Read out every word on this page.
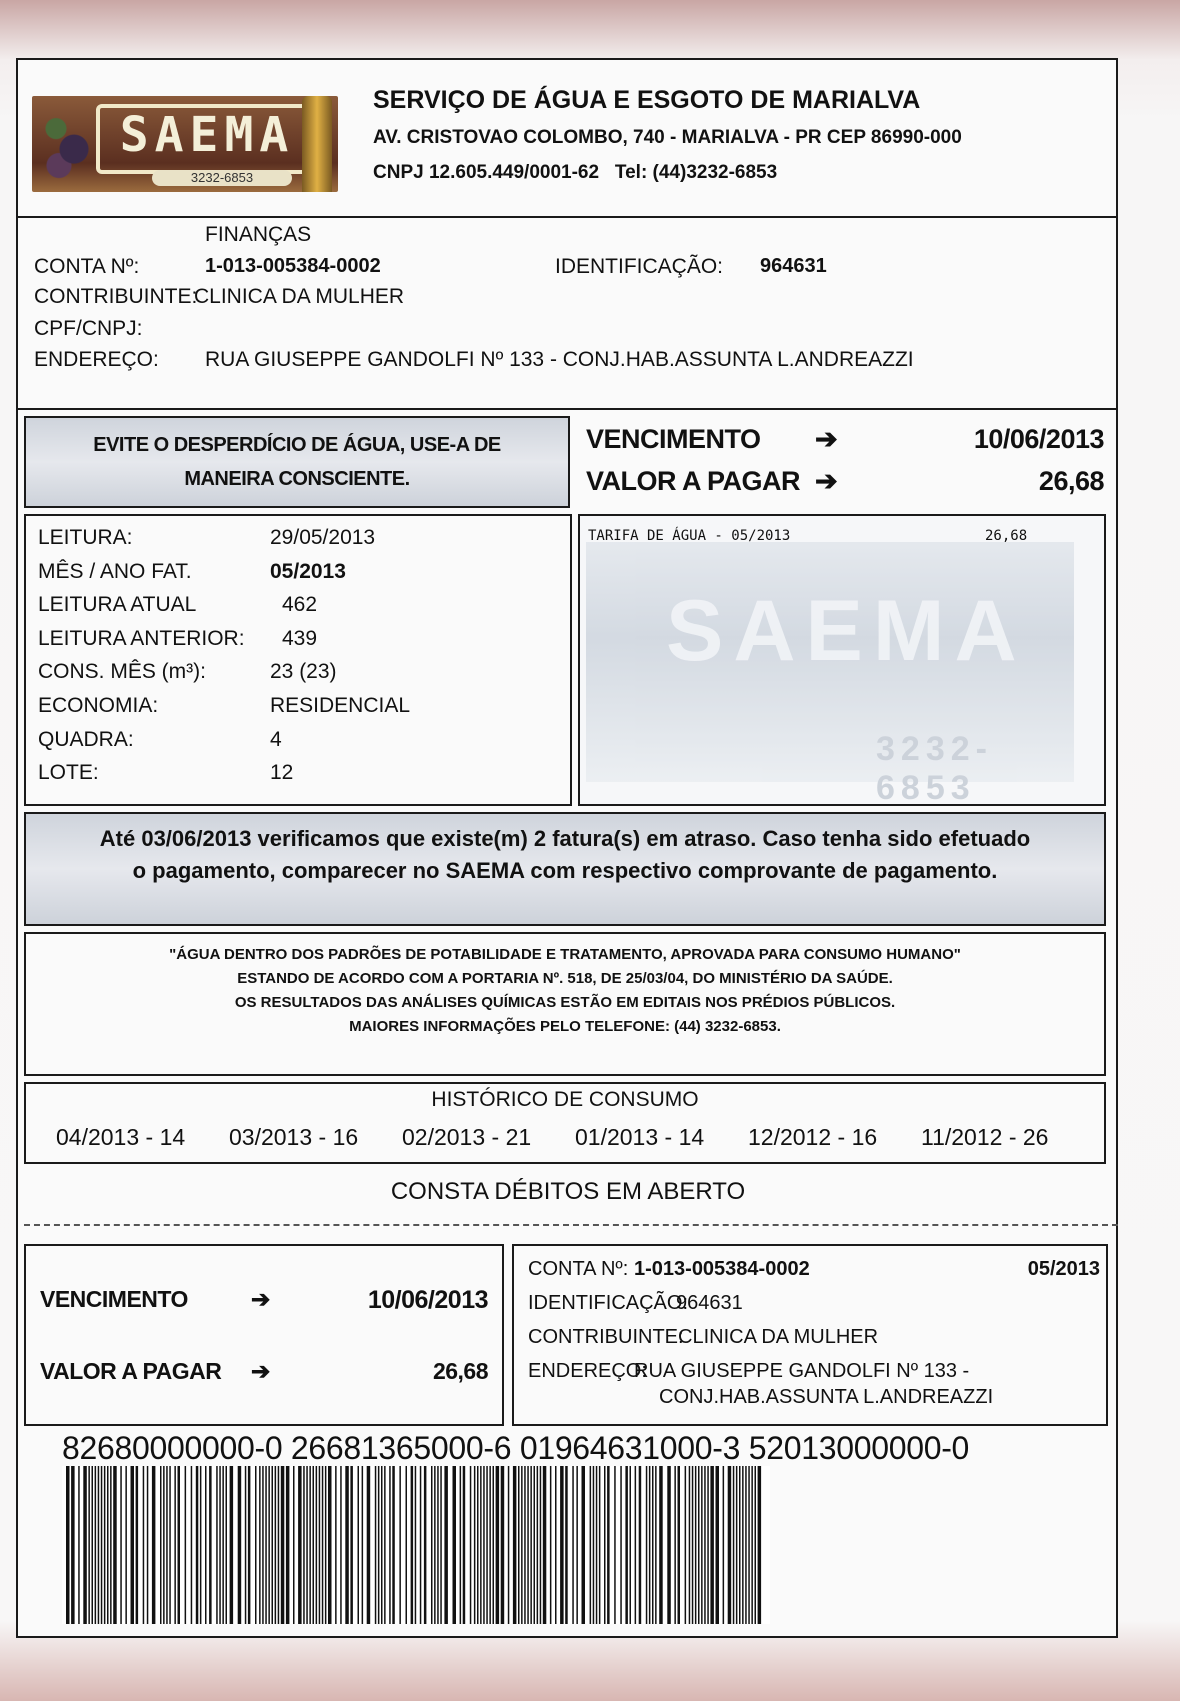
SAEMA
3232-6853
SERVIÇO DE ÁGUA E ESGOTO DE MARIALVA
AV. CRISTOVAO COLOMBO, 740 - MARIALVA - PR CEP 86990-000
CNPJ 12.605.449/0001-62   Tel: (44)3232-6853
FINANÇAS
CONTA Nº:	1-013-005384-0002	IDENTIFICAÇÃO: 964631
CONTRIBUINTE:
CLINICA DA MULHER
CPF/CNPJ:
ENDEREÇO: RUA GIUSEPPE GANDOLFI Nº 133 - CONJ.HAB.ASSUNTA L.ANDREAZZI
EVITE O DESPERDÍCIO DE ÁGUA, USE-A DE
MANEIRA CONSCIENTE.
VENCIMENTO ➔	10/06/2013
VALOR A PAGAR ➔	26,68
LEITURA:	29/05/2013
MÊS / ANO FAT.	05/2013
LEITURA ATUAL	462
LEITURA ANTERIOR: 439
CONS. MÊS (m³):	23 (23)
ECONOMIA:	RESIDENCIAL
QUADRA:	4
LOTE:	12
SAEMA
3232-6853
TARIFA DE ÁGUA - 05/2013	26,68
Até 03/06/2013 verificamos que existe(m) 2 fatura(s) em atraso. Caso tenha sido efetuado
o pagamento, comparecer no SAEMA com respectivo comprovante de pagamento.
"ÁGUA DENTRO DOS PADRÕES DE POTABILIDADE E TRATAMENTO, APROVADA PARA CONSUMO HUMANO"
ESTANDO DE ACORDO COM A PORTARIA Nº. 518, DE 25/03/04, DO MINISTÉRIO DA SAÚDE.
OS RESULTADOS DAS ANÁLISES QUÍMICAS ESTÃO EM EDITAIS NOS PRÉDIOS PÚBLICOS.
MAIORES INFORMAÇÕES PELO TELEFONE: (44) 3232-6853.
HISTÓRICO DE CONSUMO
04/2013 - 14 03/2013 - 16 02/2013 - 21 01/2013 - 14 12/2012 - 16 11/2012 - 26
CONSTA DÉBITOS EM ABERTO
VENCIMENTO	➔	10/06/2013
VALOR A PAGAR ➔	26,68
CONTA Nº: 1-013-005384-0002	05/2013
IDENTIFICAÇÃO:
964631
CONTRIBUINTE:
CLINICA DA MULHER
ENDEREÇO:
RUA GIUSEPPE GANDOLFI Nº 133 -
CONJ.HAB.ASSUNTA L.ANDREAZZI
82680000000-0 26681365000-6 01964631000-3 52013000000-0
